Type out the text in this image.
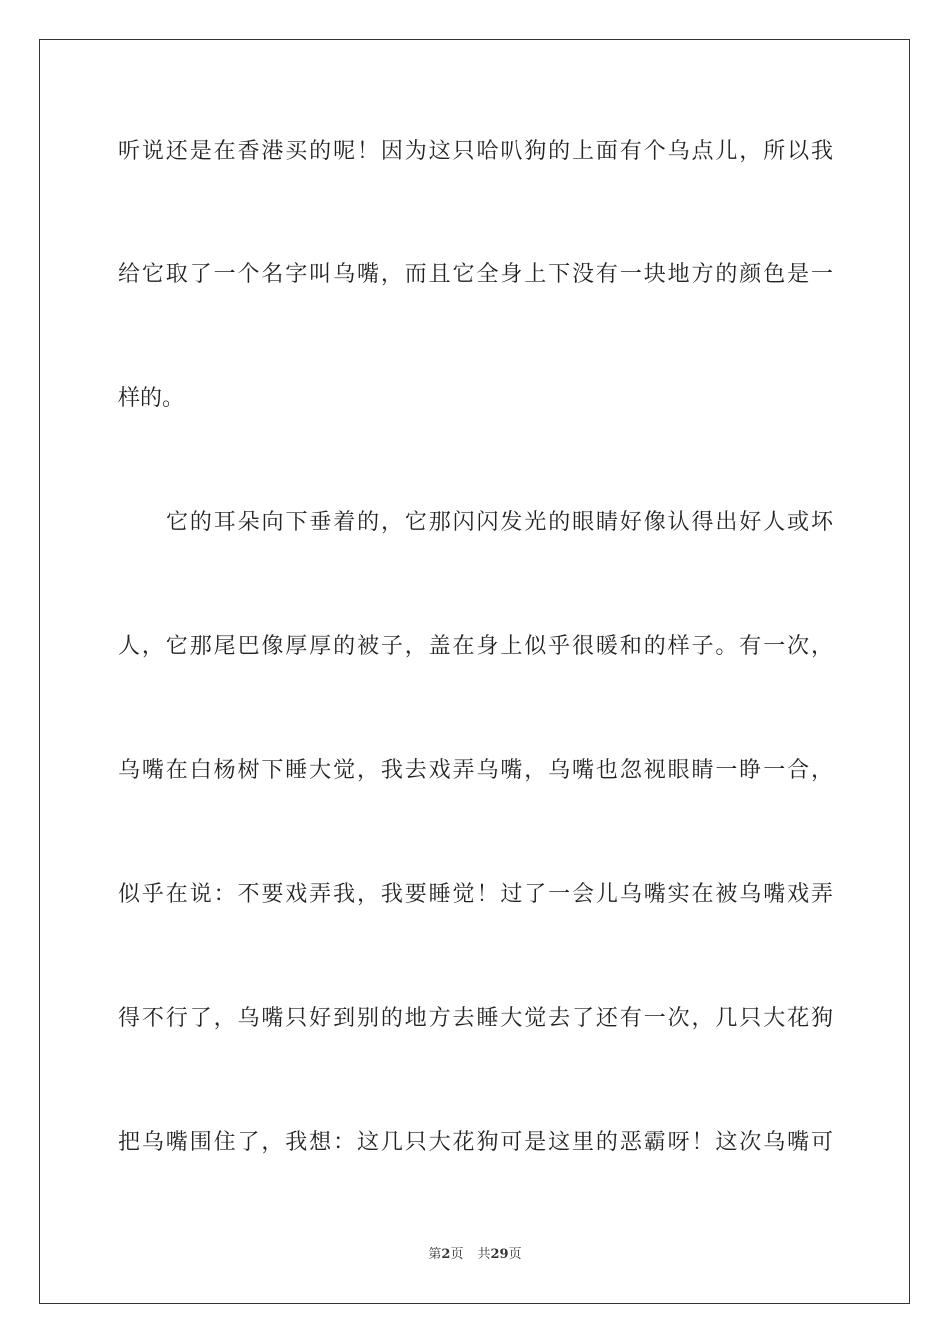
听说还是在香港买的呢！因为这只哈叭狗的上面有个乌点儿，所以我
给它取了一个名字叫乌嘴，而且它全身上下没有一块地方的颜色是一
样的。
它的耳朵向下垂着的，它那闪闪发光的眼睛好像认得出好人或坏
人，它那尾巴像厚厚的被子，盖在身上似乎很暖和的样子。有一次，
乌嘴在白杨树下睡大觉，我去戏弄乌嘴，乌嘴也忽视眼睛一睁一合，
似乎在说：不要戏弄我，我要睡觉！过了一会儿乌嘴实在被乌嘴戏弄
得不行了，乌嘴只好到别的地方去睡大觉去了还有一次，几只大花狗
把乌嘴围住了，我想：这几只大花狗可是这里的恶霸呀！这次乌嘴可
第2页 共29页
